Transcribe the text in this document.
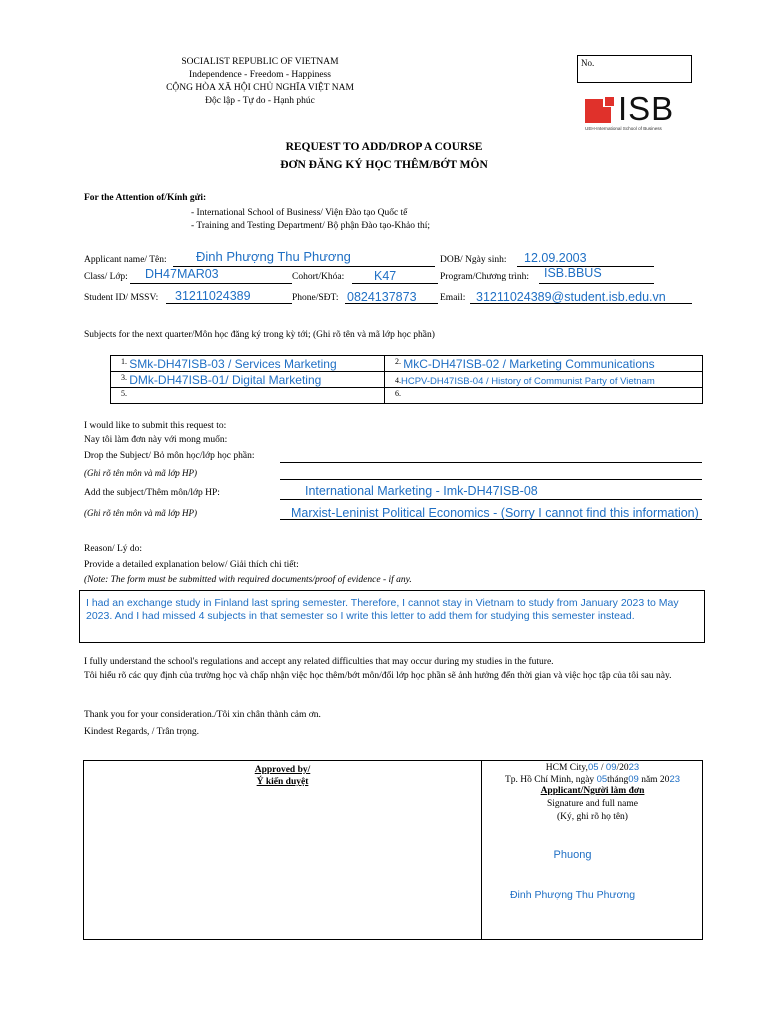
SOCIALIST REPUBLIC OF VIETNAM
Independence - Freedom - Happiness
CỘNG HÒA XÃ HỘI CHỦ NGHĨA VIỆT NAM
Độc lập - Tự do - Hạnh phúc
No.
ISB
UEH-International School of Business
REQUEST TO ADD/DROP A COURSE
ĐƠN ĐĂNG KÝ HỌC THÊM/BỚT MÔN
For the Attention of/Kính gửi:
- International School of Business/ Viện Đào tạo Quốc tế
- Training and Testing Department/ Bộ phận Đào tạo-Khảo thí;
Applicant name/ Tên: Đinh Phượng Thu Phương	DOB/ Ngày sinh: 12.09.2003
Class/ Lớp: DH47MAR03	Cohort/Khóa: K47	Program/Chương trình: ISB.BBUS
Student ID/ MSSV: 31211024389	Phone/SĐT: 0824137873 Email: 31211024389@student.isb.edu.vn
Subjects for the next quarter/Môn học đăng ký trong kỳ tới; (Ghi rõ tên và mã lớp học phần)
1. SMk-DH47ISB-03 / Services Marketing	2. MkC-DH47ISB-02 / Marketing Communications
3. DMk-DH47ISB-01/ Digital Marketing	4.HCPV-DH47ISB-04 / History of Communist Party of Vietnam
5.	6.
I would like to submit this request to:
Nay tôi làm đơn này với mong muốn:
Drop the Subject/ Bỏ môn học/lớp học phần:
(Ghi rõ tên môn và mã lớp HP)
Add the subject/Thêm môn/lớp HP:	International Marketing - Imk-DH47ISB-08
(Ghi rõ tên môn và mã lớp HP)	Marxist-Leninist Political Economics - (Sorry I cannot find this information)
Reason/ Lý do:
Provide a detailed explanation below/ Giải thích chi tiết:
(Note: The form must be submitted with required documents/proof of evidence - if any.
I had an exchange study in Finland last spring semester. Therefore, I cannot stay in Vietnam to study from January 2023 to May 2023. And I had missed 4 subjects in that semester so I write this letter to add them for studying this semester instead.
I fully understand the school's regulations and accept any related difficulties that may occur during my studies in the future.
Tôi hiểu rõ các quy định của trường học và chấp nhận việc học thêm/bớt môn/đổi lớp học phần sẽ ảnh hưởng đến thời gian và việc học tập của tôi sau này.
Thank you for your consideration./Tôi xin chân thành cảm ơn.
Kindest Regards, / Trân trọng.
Approved by/
Ý kiến duyệt
HCM City,05 / 09/2023
Tp. Hồ Chí Minh, ngày 05tháng09 năm 2023
Applicant/Người làm đơn
Signature and full name
(Ký, ghi rõ họ tên)
Phuong
Đinh Phượng Thu Phương
